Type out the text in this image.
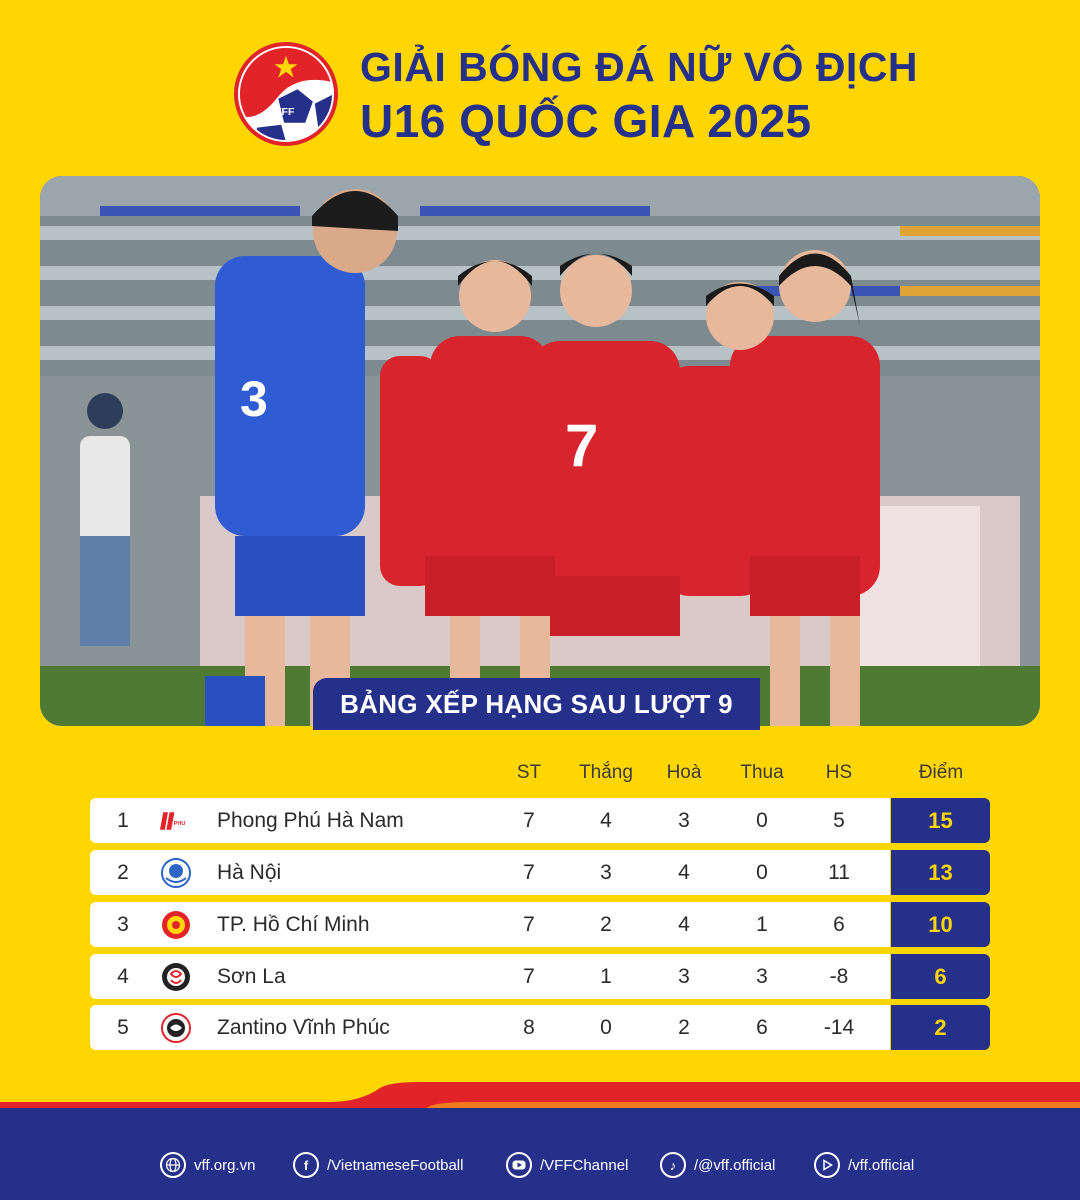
VFF
GIẢI BÓNG ĐÁ NỮ VÔ ĐỊCH
U16 QUỐC GIA 2025
7
3
BẢNG XẾP HẠNG SAU LƯỢT 9
ST	Thắng	Hoà	Thua	HS	Điểm
1	PHU Phong Phú Hà Nam	7	4	3	0	5	15
2	Hà Nội	7	3	4	0	11	13
3	TP. Hồ Chí Minh	7	2	4	1	6	10
4	Sơn La	7	1	3	3	-8	6
5	Zantino Vĩnh Phúc	8	0	2	6	-14	2
vff.org.vn	f	/VietnameseFootball	/VFFChannel	♪	/@vff.official	/vff.official
